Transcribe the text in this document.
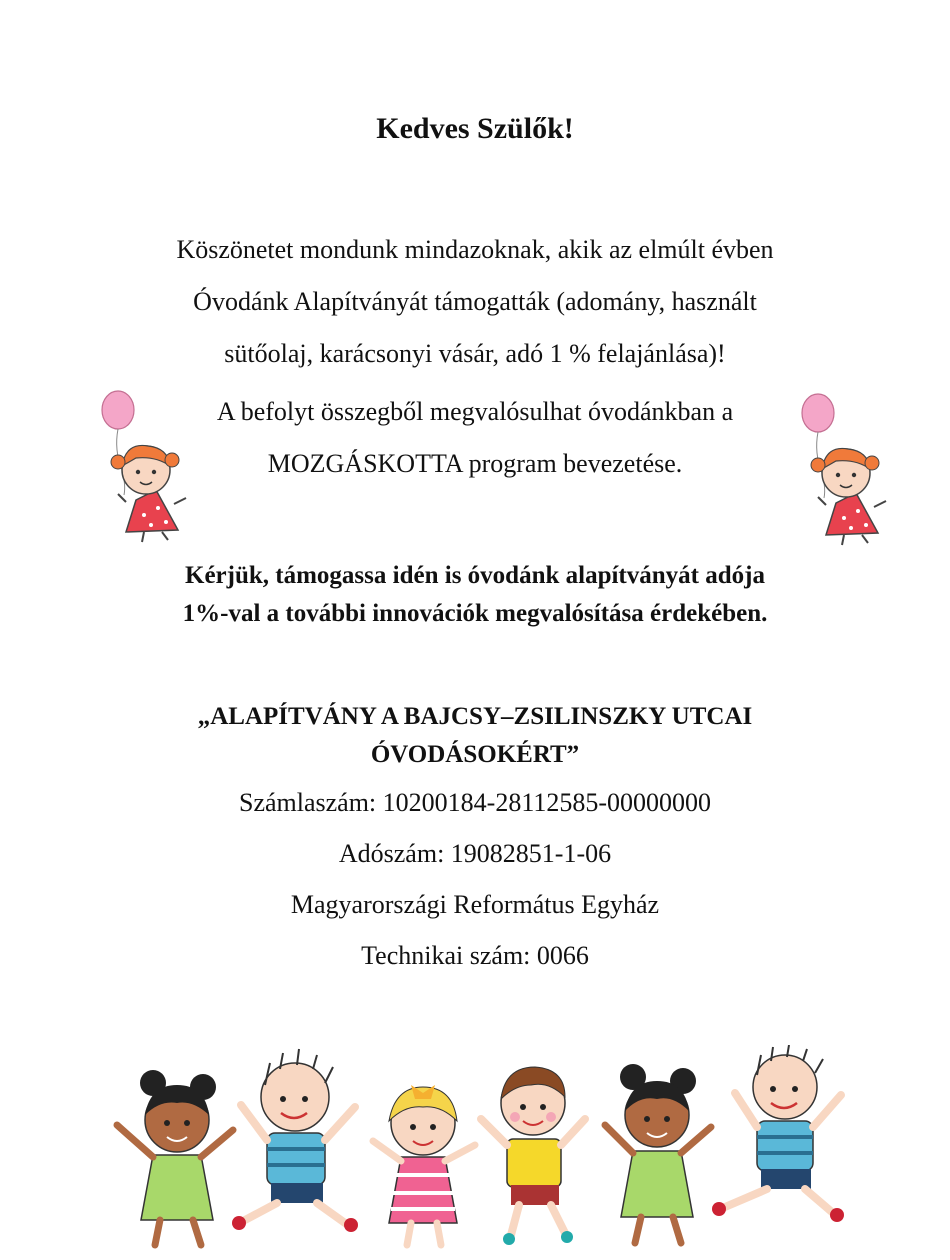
Kedves Szülők!
Köszönetet mondunk mindazoknak, akik az elmúlt évben
Óvodánk Alapítványát támogatták (adomány, használt
sütőolaj, karácsonyi vásár, adó 1 % felajánlása)!
A befolyt összegből megvalósulhat óvodánkban a
MOZGÁSKOTTA program bevezetése.
Kérjük, támogassa idén is óvodánk alapítványát adója
1%-val a további innovációk megvalósítása érdekében.
„ALAPÍTVÁNY A BAJCSY–ZSILINSZKY UTCAI
ÓVODÁSOKÉRT”
Számlaszám: 10200184-28112585-00000000
Adószám: 19082851-1-06
Magyarországi Református Egyház
Technikai szám: 0066
